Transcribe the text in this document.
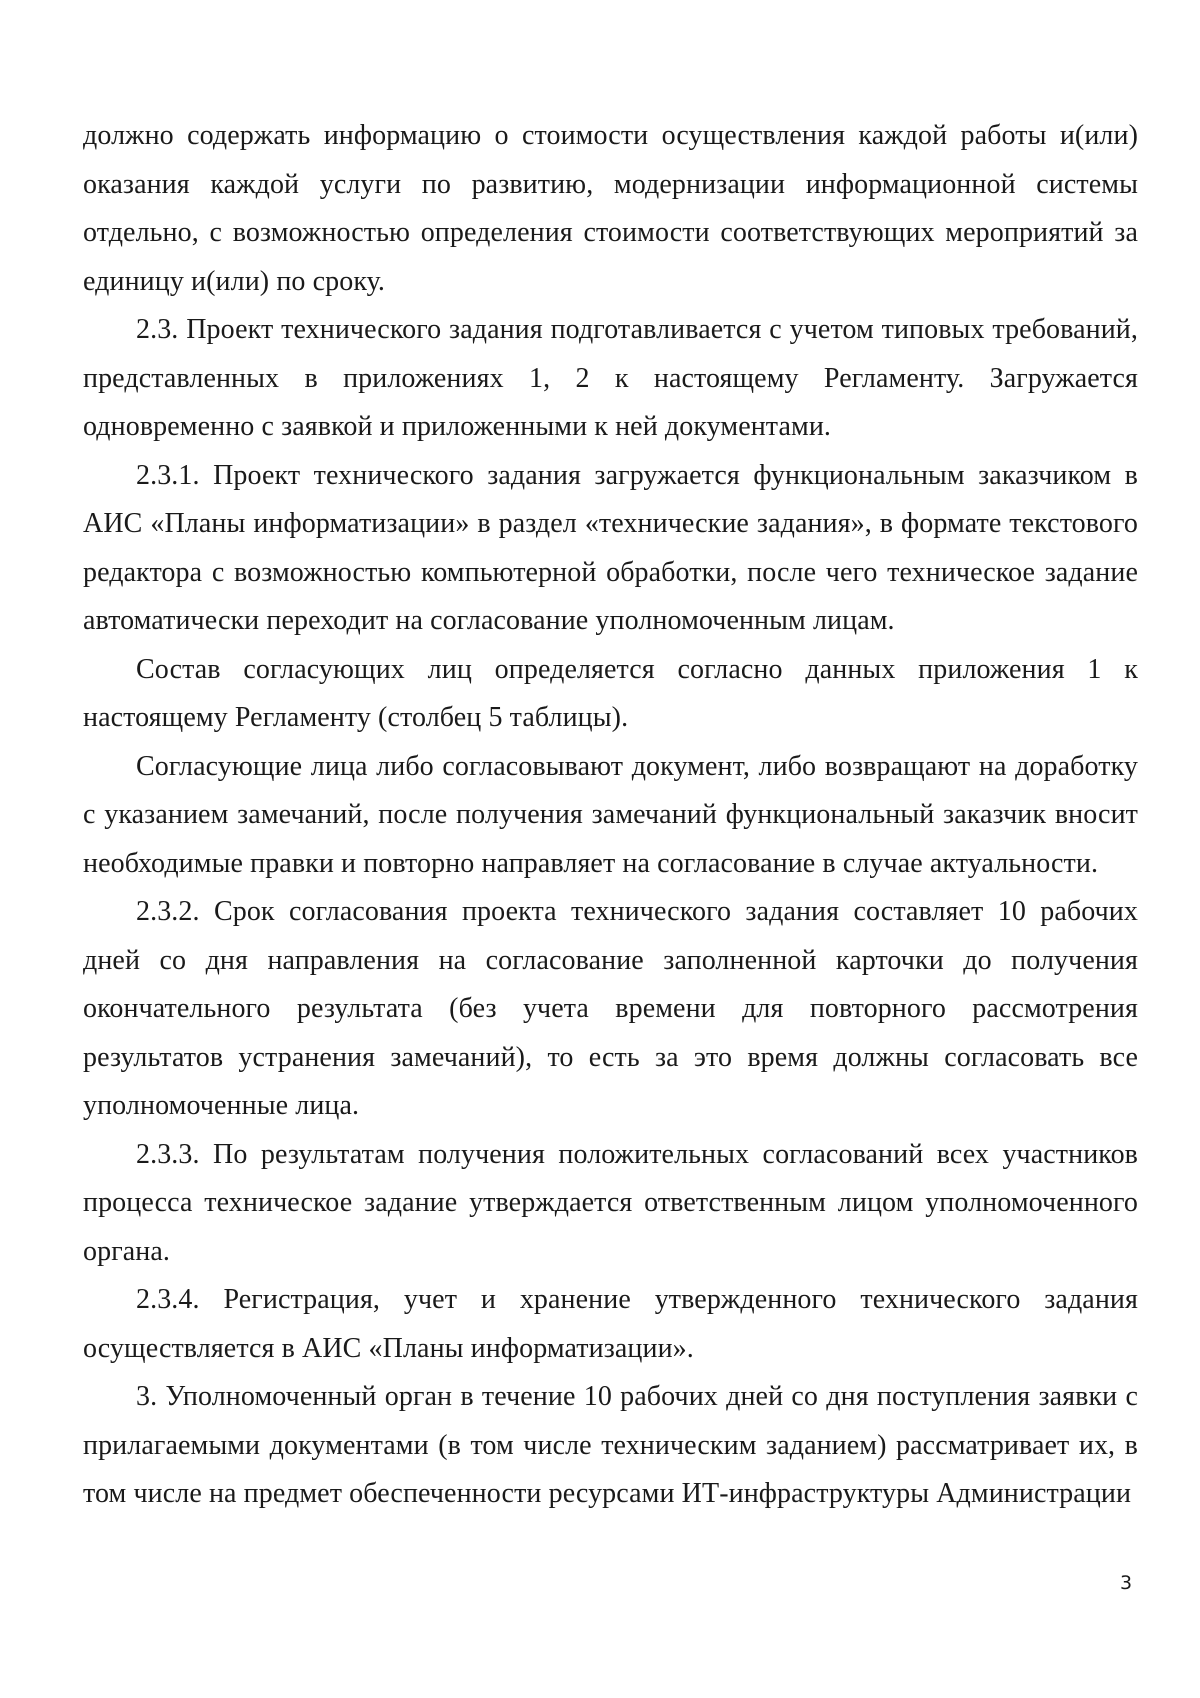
должно содержать информацию о стоимости осуществления каждой работы и(или) оказания каждой услуги по развитию, модернизации информационной системы отдельно, с возможностью определения стоимости соответствующих мероприятий за единицу и(или) по сроку.

2.3. Проект технического задания подготавливается с учетом типовых требований, представленных в приложениях 1, 2 к настоящему Регламенту. Загружается одновременно с заявкой и приложенными к ней документами.

2.3.1. Проект технического задания загружается функциональным заказчиком в АИС «Планы информатизации» в раздел «технические задания», в формате текстового редактора с возможностью компьютерной обработки, после чего техническое задание автоматически переходит на согласование уполномоченным лицам.

Состав согласующих лиц определяется согласно данных приложения 1 к настоящему Регламенту (столбец 5 таблицы).

Согласующие лица либо согласовывают документ, либо возвращают на доработку с указанием замечаний, после получения замечаний функциональный заказчик вносит необходимые правки и повторно направляет на согласование в случае актуальности.

2.3.2. Срок согласования проекта технического задания составляет 10 рабочих дней со дня направления на согласование заполненной карточки до получения окончательного результата (без учета времени для повторного рассмотрения результатов устранения замечаний), то есть за это время должны согласовать все уполномоченные лица.

2.3.3. По результатам получения положительных согласований всех участников процесса техническое задание утверждается ответственным лицом уполномоченного органа.

2.3.4. Регистрация, учет и хранение утвержденного технического задания осуществляется в АИС «Планы информатизации».

3. Уполномоченный орган в течение 10 рабочих дней со дня поступления заявки с прилагаемыми документами (в том числе техническим заданием) рассматривает их, в том числе на предмет обеспеченности ресурсами ИТ-инфраструктуры Администрации

3
